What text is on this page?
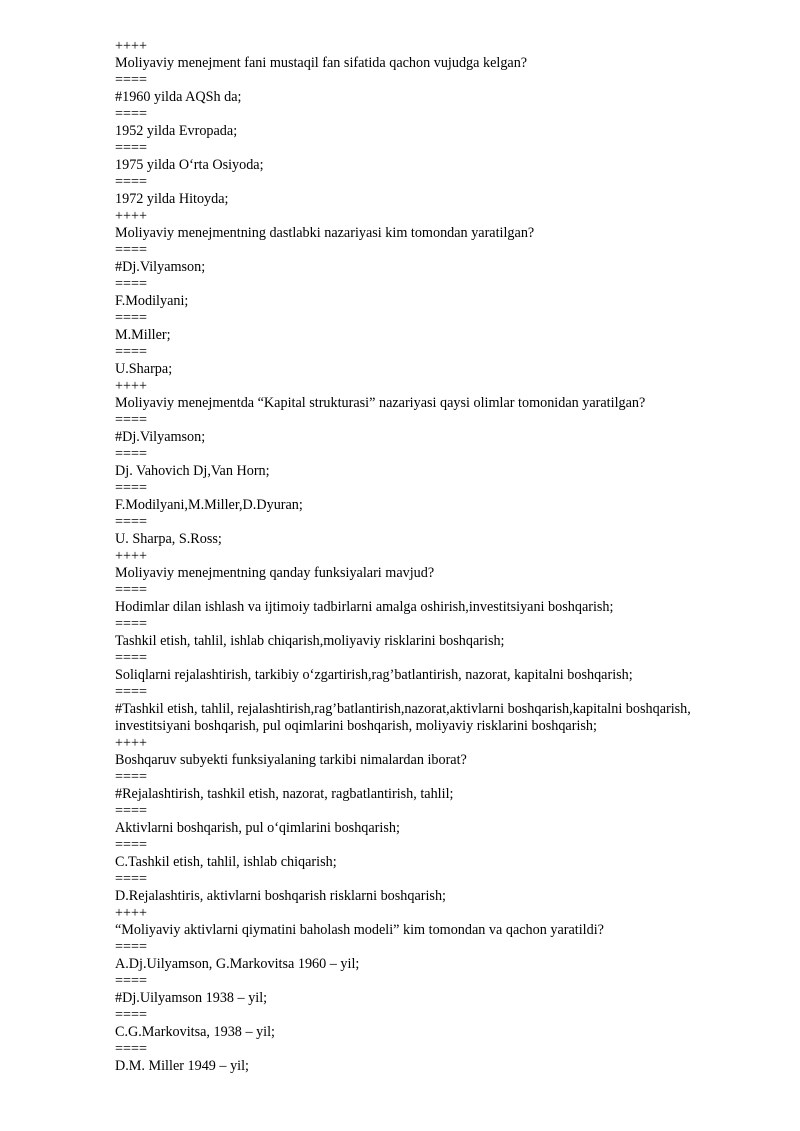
++++
Moliyaviy menejment fani mustaqil fan sifatida qachon vujudga kelgan?
====
#1960 yilda AQSh da;
====
1952 yilda Evropada;
====
1975 yilda O‘rta Osiyoda;
====
1972 yilda Hitoyda;
++++
Moliyaviy menejmentning dastlabki nazariyasi kim tomondan yaratilgan?
====
#Dj.Vilyamson;
====
F.Modilyani;
====
M.Miller;
====
U.Sharpa;
++++
Moliyaviy menejmentda “Kapital strukturasi” nazariyasi qaysi olimlar tomonidan yaratilgan?
====
#Dj.Vilyamson;
====
Dj. Vahovich Dj,Van Horn;
====
F.Modilyani,M.Miller,D.Dyuran;
====
U. Sharpa, S.Ross;
++++
Moliyaviy menejmentning qanday funksiyalari mavjud?
====
Hodimlar dilan ishlash va ijtimoiy tadbirlarni amalga oshirish,investitsiyani boshqarish;
====
Tashkil etish, tahlil, ishlab chiqarish,moliyaviy risklarini boshqarish;
====
Soliqlarni rejalashtirish, tarkibiy o‘zgartirish,rag’batlantirish, nazorat, kapitalni boshqarish;
====
#Tashkil etish, tahlil, rejalashtirish,rag’batlantirish,nazorat,aktivlarni boshqarish,kapitalni boshqarish, investitsiyani boshqarish, pul oqimlarini boshqarish, moliyaviy risklarini boshqarish;
++++
Boshqaruv subyekti funksiyalaning tarkibi nimalardan iborat?
====
#Rejalashtirish, tashkil etish, nazorat, ragbatlantirish, tahlil;
====
Aktivlarni boshqarish, pul o‘qimlarini boshqarish;
====
C.Tashkil etish, tahlil, ishlab chiqarish;
====
D.Rejalashtiris, aktivlarni boshqarish risklarni boshqarish;
++++
“Moliyaviy aktivlarni qiymatini baholash modeli” kim tomondan va qachon yaratildi?
====
A.Dj.Uilyamson, G.Markovitsa 1960 – yil;
====
#Dj.Uilyamson 1938 – yil;
====
C.G.Markovitsa, 1938 – yil;
====
D.M. Miller 1949 – yil;
